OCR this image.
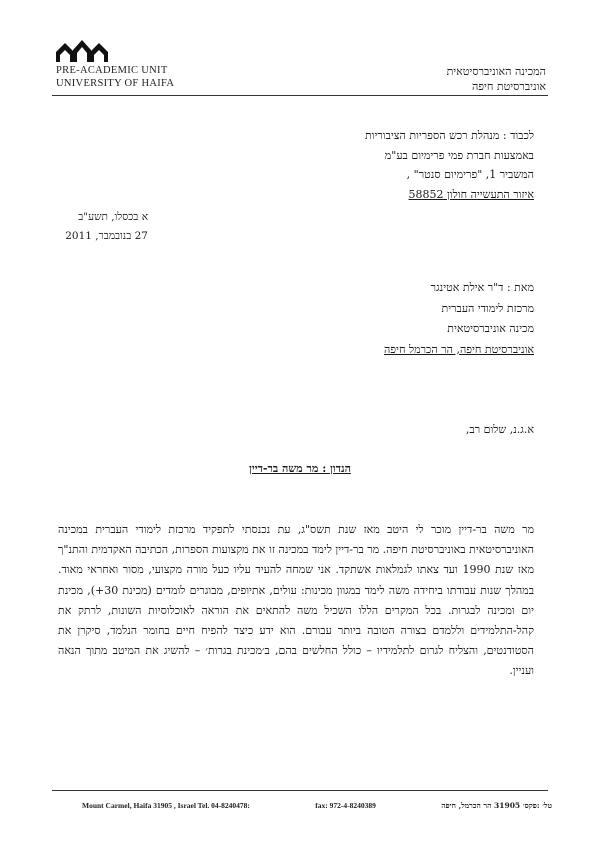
PRE-ACADEMIC UNIT
UNIVERSITY OF HAIFA
המכינה האוניברסיטאית
אוניברסיטת חיפה
לכבוד : מנהלת רכש הספריות הציבוריות
באמצעות חברת פמי פרימיום בע"מ
המשביר 1, "פרימיום סנטר" ,
איזור התעשייה חולון 58852
א בכסלו, תשע"ב
27 בנובמבר, 2011
מאת : ד"ר אילת אטינגר
מרכזת לימודי העברית
מכינה אוניברסיטאית
אוניברסיטת חיפה, הר הכרמל חיפה
א.ג.נ, שלום רב,
הנדון : מר משה בר-דיין

מר משה בר-דיין מוכר לי היטב מאז שנת תשס"ג, עת נכנסתי לתפקיד מרכזת לימודי העברית במכינה האוניברסיטאית באוניברסיטת חיפה. מר בר-דיין לימד במכינה זו את מקצועות הספרות, הכתיבה האקדמית והתנ"ך מאז שנת 1990 ועד צאתו לגמלאות אשתקד. אני שמחה להעיד עליו כעל מורה מקצועי, מסור ואחראי מאוד. במהלך שנות עבודתו ביחידה משה לימד במגוון מכינות: עולים, אתיופים, מבוגרים לומדים (מכינת 30+), מכינת יום ומכינה לבגרות. בכל המקרים הללו השכיל משה להתאים את הוראה לאוכלוסיות השונות, לרתק את קהל-התלמידים וללמדם בצורה הטובה ביותר עבורם. הוא ידע כיצד להפיח חיים בחומר הנלמד, סיקרן את הסטודנטים, והצליח לגרום לתלמידיו – כולל החלשים בהם, ב׳מכינת בגרות׳ – להשיג את המיטב מתוך הנאה ועניין.

Mount Carmel, Haifa 31905 , Israel Tel. 04-8240478:	fax: 972-4-8240389	טל׳ :פקס׳ 31905 הר הכרמל, חיפה
